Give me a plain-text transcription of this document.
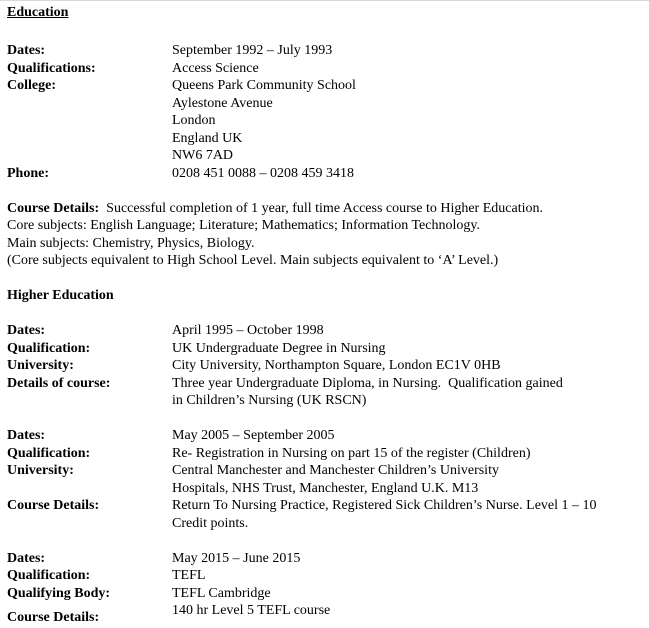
Education
Dates:	September 1992 – July 1993
Qualifications:	Access Science
College:	Queens Park Community School
Aylestone Avenue
London
England UK
NW6 7AD
Phone:	0208 451 0088 – 0208 459 3418
Course Details:  Successful completion of 1 year, full time Access course to Higher Education.
Core subjects: English Language; Literature; Mathematics; Information Technology.
Main subjects: Chemistry, Physics, Biology.
(Core subjects equivalent to High School Level. Main subjects equivalent to ‘A’ Level.)
Higher Education
Dates:	April 1995 – October 1998
Qualification:	UK Undergraduate Degree in Nursing
University:	City University, Northampton Square, London EC1V 0HB
Details of course:	Three year Undergraduate Diploma, in Nursing.  Qualification gained
in Children’s Nursing (UK RSCN)
Dates:	May 2005 – September 2005
Qualification:	Re- Registration in Nursing on part 15 of the register (Children)
University:	Central Manchester and Manchester Children’s University
Hospitals, NHS Trust, Manchester, England U.K. M13
Course Details:	Return To Nursing Practice, Registered Sick Children’s Nurse. Level 1 – 10
Credit points.
Dates:	May 2015 – June 2015
Qualification:	TEFL
Qualifying Body:	TEFL Cambridge
Course Details:	140 hr Level 5 TEFL course
